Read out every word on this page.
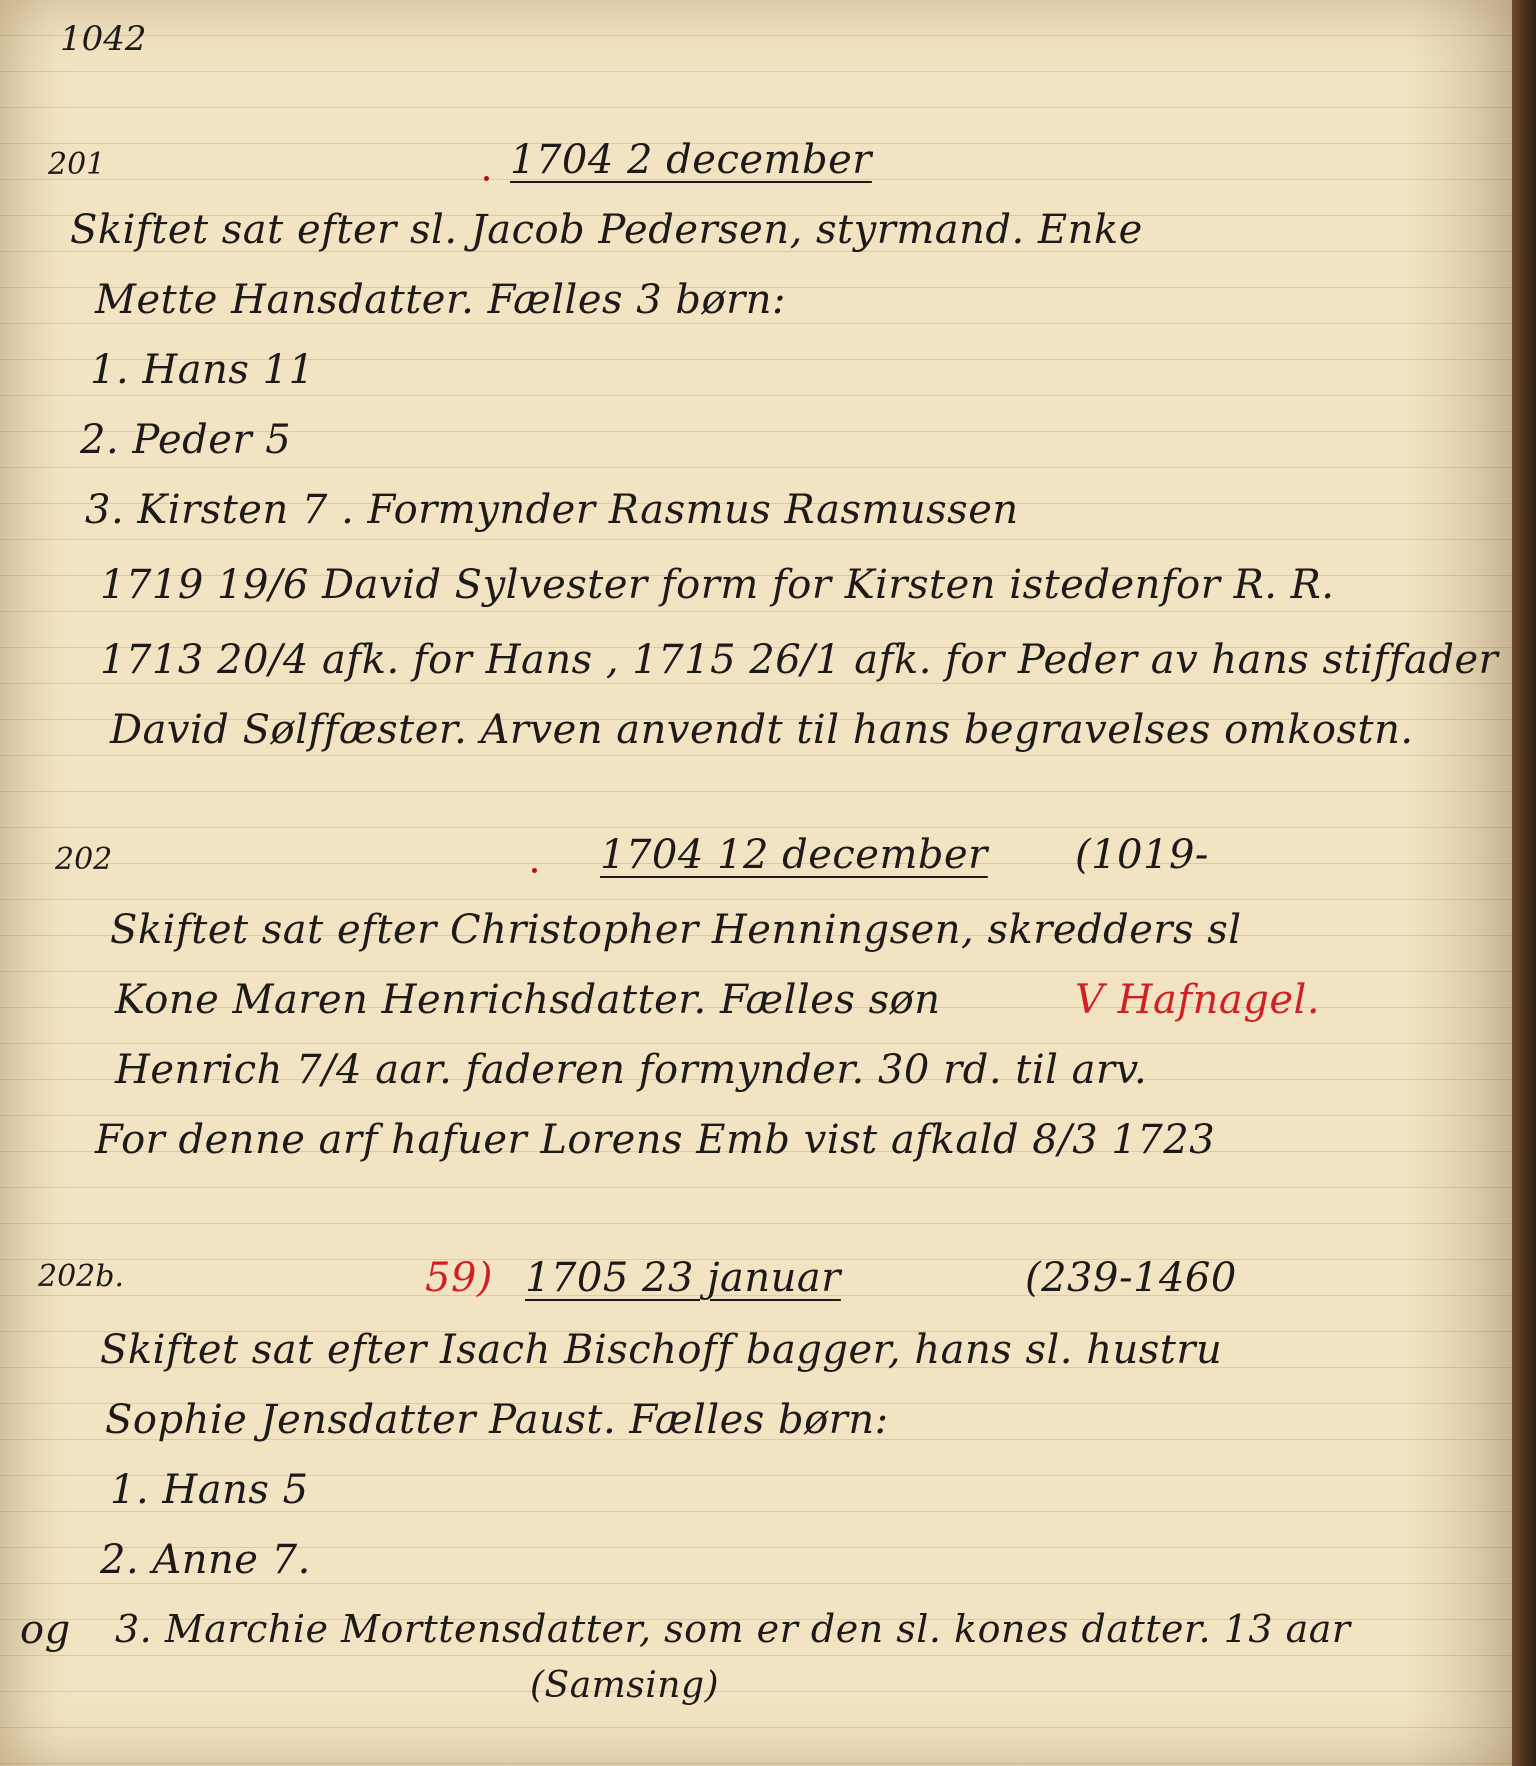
1042
201	1704 2 december
Skiftet sat efter sl. Jacob Pedersen, styrmand. Enke
Mette Hansdatter. Fælles 3 børn:
1. Hans 11
2. Peder 5
3. Kirsten 7 . Formynder Rasmus Rasmussen
1719 19/6 David Sylvester form for Kirsten istedenfor R. R.
1713 20/4 afk. for Hans , 1715 26/1 afk. for Peder av hans stiffader
David Sølffæster. Arven anvendt til hans begravelses omkostn.
202	1704 12 december (1019-
Skiftet sat efter Christopher Henningsen, skredders sl
Kone Maren Henrichsdatter. Fælles søn	V Hafnagel.
Henrich 7/4 aar. faderen formynder. 30 rd. til arv.
For denne arf hafuer Lorens Emb vist afkald 8/3 1723
202b.	59) 1705 23 januar	(239-1460
Skiftet sat efter Isach Bischoff bagger, hans sl. hustru
Sophie Jensdatter Paust. Fælles børn:
1. Hans 5
2. Anne 7.
og 3. Marchie Morttensdatter, som er den sl. kones datter. 13 aar
(Samsing)
